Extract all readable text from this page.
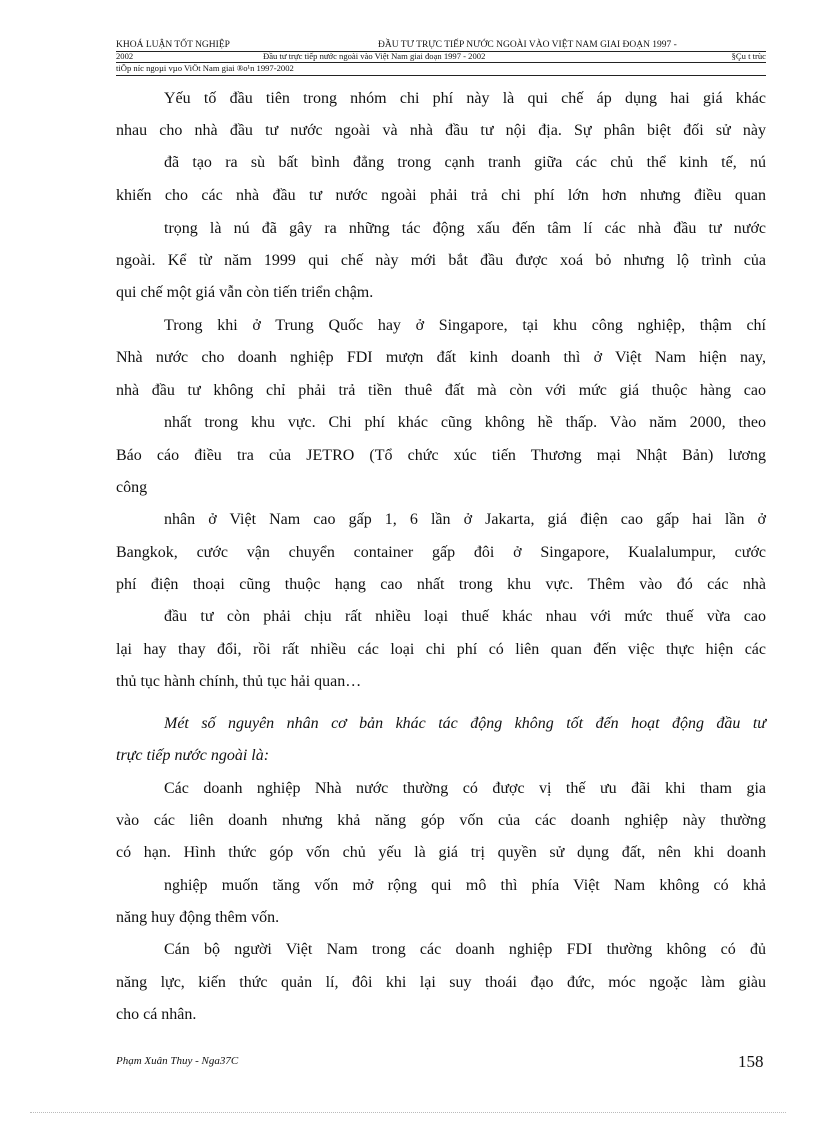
KHOÁ LUẬN TỐT NGHIỆP	ĐẦU TƯ TRỰC TIẾP NƯỚC NGOÀI VÀO VIỆT NAM GIAI ĐOẠN 1997 -
2002	Đầu tư trực tiếp nước ngoài vào Việt Nam giai đoạn 1997 - 2002	§Çu t trùc
tiÕp níc ngoµi vµo ViÖt Nam giai ®o¹n 1997-2002
Yếu tố đầu tiên trong nhóm chi phí này là qui chế áp dụng hai giá khác
nhau cho nhà đầu tư nước ngoài và nhà đầu tư nội địa. Sự phân biệt đối sử này
đã tạo ra sù bất bình đẳng trong cạnh tranh giữa các chủ thể kinh tế, nú
khiến cho các nhà đầu tư nước ngoài phải trả chi phí lớn hơn nhưng điều quan
trọng là nú đã gây ra những tác động xấu đến tâm lí các nhà đầu tư nước
ngoài. Kể từ năm 1999 qui chế này mới bắt đầu được xoá bỏ nhưng lộ trình của
qui chế một giá vẫn còn tiến triển chậm.
Trong khi ở Trung Quốc hay ở Singapore, tại khu công nghiệp, thậm chí
Nhà nước cho doanh nghiệp FDI mượn đất kinh doanh thì ở Việt Nam hiện nay,
nhà đầu tư không chỉ phải trả tiền thuê đất mà còn với mức giá thuộc hàng cao
nhất trong khu vực. Chi phí khác cũng không hề thấp. Vào năm 2000, theo
Báo cáo điều tra của JETRO (Tổ chức xúc tiến Thương mại Nhật Bản) lương
công
nhân ở Việt Nam cao gấp 1, 6 lần ở Jakarta, giá điện cao gấp hai lần ở
Bangkok, cước vận chuyển container gấp đôi ở Singapore, Kualalumpur, cước
phí điện thoại cũng thuộc hạng cao nhất trong khu vực. Thêm vào đó các nhà
đầu tư còn phải chịu rất nhiều loại thuế khác nhau với mức thuế vừa cao
lại hay thay đổi, rồi rất nhiều các loại chi phí có liên quan đến việc thực hiện các
thủ tục hành chính, thủ tục hải quan…
Mét số nguyên nhân cơ bản khác tác động không tốt đến hoạt động đầu tư
trực tiếp nước ngoài là:
Các doanh nghiệp Nhà nước thường có được vị thế ưu đãi khi tham gia
vào các liên doanh nhưng khả năng góp vốn của các doanh nghiệp này thường
có hạn. Hình thức góp vốn chủ yếu là giá trị quyền sử dụng đất, nên khi doanh
nghiệp muốn tăng vốn mở rộng qui mô thì phía Việt Nam không có khả
năng huy động thêm vốn.
Cán bộ người Việt Nam trong các doanh nghiệp FDI thường không có đủ
năng lực, kiến thức quản lí, đôi khi lại suy thoái đạo đức, móc ngoặc làm giàu
cho cá nhân.
Phạm Xuân Thuy - Nga37C	158
